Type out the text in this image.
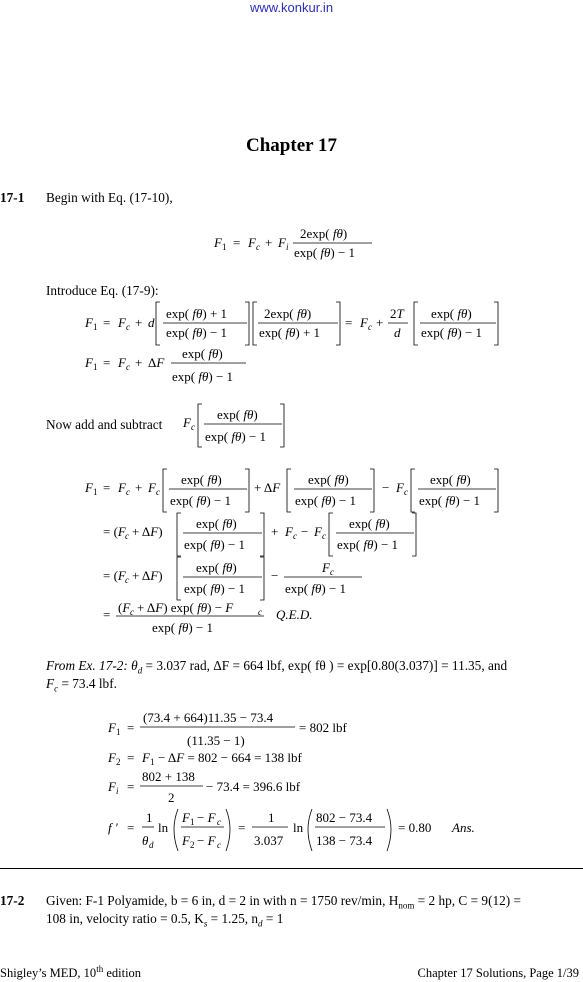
www.konkur.in
Chapter 17
17-1 Begin with Eq. (17-10),
Introduce Eq. (17-9):
Now add and subtract
From Ex. 17-2: $\theta_d = 3.037$ rad, ΔF = 664 lbf, exp( fθ ) = exp[0.80(3.037)] = 11.35, and
$F_c = 73.4$ lbf.
F 1 = F c + F i
2exp( fθ)
exp( fθ) − 1
F 1 = F c + d
exp( fθ) + 1
exp( fθ) − 1
2exp( fθ)
exp( fθ) + 1
= F c +
2T
d
exp( fθ)
exp( fθ) − 1
F 1 = F c + ΔF
exp( fθ)
exp( fθ) − 1
F c
exp( fθ)
exp( fθ) − 1
F 1 = F c + F c
exp( fθ)
exp( fθ) − 1
+ ΔF
exp( fθ)
exp( fθ) − 1
− F c
exp( fθ)
exp( fθ) − 1
= (F c + ΔF)
exp( fθ)
exp( fθ) − 1
+ F c − F c
exp( fθ)
exp( fθ) − 1
= (F c + ΔF)
exp( fθ)
exp( fθ) − 1
−
F c
exp( fθ) − 1
= (F c + ΔF) exp( fθ) − F	c
exp( fθ) − 1
Q.E.D.
F 1 =
(73.4 + 664)11.35 − 73.4
(11.35 − 1)
= 802 lbf
F 2 = F 1 − ΔF = 802 − 664 = 138 lbf
F i =
802 + 138
2
− 73.4 = 396.6 lbf
f ′ =
1
θ d
ln
F 1 − F c
F 2 − F c
=
1
3.037
ln
802 − 73.4
138 − 73.4
= 0.80 Ans.
17-2 Given: F-1 Polyamide, b = 6 in, d = 2 in with n = 1750 rev/min, $H_{nom} = 2$ hp, C = 9(12) =
108 in, velocity ratio = 0.5, $K_s = 1.25$, $n_d = 1$
Shigley’s MED, 10th edition	Chapter 17 Solutions, Page 1/39
